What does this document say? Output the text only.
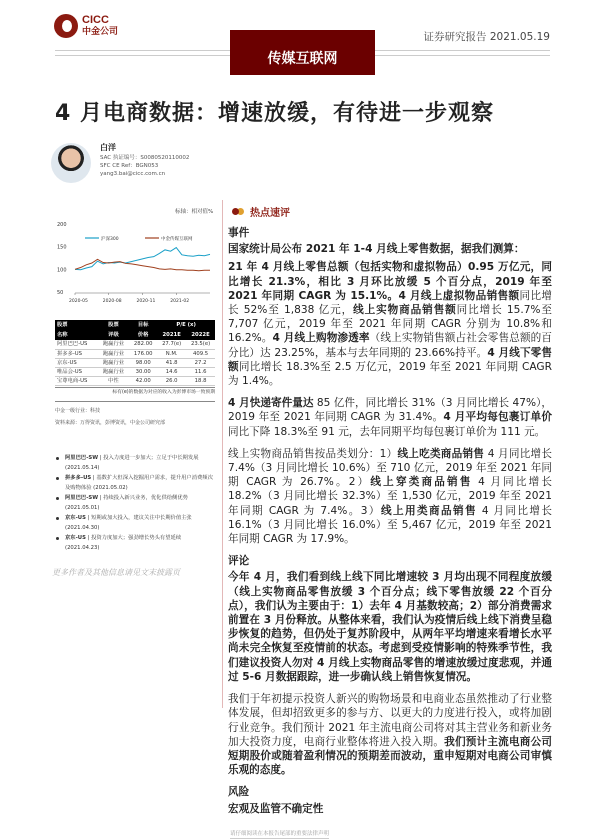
CICC
中金公司
传媒互联网
证券研究报告 2021.05.19
4 月电商数据：增速放缓，有待进一步观察
白洋
SAC 执证编号：S0080520110002
SFC CE Ref：BGN053
yang3.bai@cicc.com.cn
标轴：相对值%
200
150
100
50
2020-05	2020-08	2020-11	2021-02
沪深300	中金传媒互联网
股票	股票	目标	P/E (x)	
名称	评级	价格	2021E	2022E
阿里巴巴-US	跑赢行业	282.00	27.7(e)	23.5(e)
拼多多-US	跑赢行业	176.00	N.M.	409.5
京东-US	跑赢行业	98.00	41.8	27.2
唯品会-US	跑赢行业	30.00	14.6	11.6
宝尊电商-US	中性	42.00	26.0	18.8
标有(e)的数据为对应的收入为彭博市场一致预期
中金一级行业：科技
资料来源：万得资讯，彭博资讯，中金公司研究部
阿里巴巴-SW | 投入力度进一步加大；立足于中长期发展 (2021.05.14)
拼多多-US | 基数扩大但深入挖掘用户需求，提升用户消费频次及购物体验 (2021.05.02)
阿里巴巴-SW | 持续投入新兴业务，优化供给侧优势 (2021.05.01)
京东-US | 短期或加大投入，建议关注中长期价值主张 (2021.04.30)
京东-US | 投资力度加大；强劲增长势头有望延续 (2021.04.23)
更多作者及其他信息请见文末披露页
热点速评
事件

国家统计局公布 2021 年 1-4 月线上零售数据，据我们测算：

21 年 4 月线上零售总额（包括实物和虚拟物品）0.95 万亿元，同比增长 21.3%，相比 3 月环比放缓 5 个百分点，2019 年至 2021 年同期 CAGR 为 15.1%。4 月线上虚拟物品销售额同比增长 52%至 1,838 亿元，线上实物商品销售额同比增长 15.7%至 7,707 亿元，2019 年至 2021 年同期 CAGR 分别为 10.8%和 16.2%。4 月线上购物渗透率（线上实物销售额占社会零售总额的百分比）达 23.25%，基本与去年同期的 23.66%持平。4 月线下零售额同比增长 18.3%至 2.5 万亿元，2019 年至 2021 年同期 CAGR 为 1.4%。

4 月快递寄件量达 85 亿件，同比增长 31%（3 月同比增长 47%），2019 年至 2021 年同期 CAGR 为 31.4%。4 月平均每包裹订单价同比下降 18.3%至 91 元，去年同期平均每包裹订单价为 111 元。

线上实物商品销售按品类划分：1）线上吃类商品销售 4 月同比增长 7.4%（3 月同比增长 10.6%）至 710 亿元，2019 年至 2021 年同期 CAGR 为 26.7%。2）线上穿类商品销售 4 月同比增长 18.2%（3 月同比增长 32.3%）至 1,530 亿元，2019 年至 2021 年同期 CAGR 为 7.4%。3）线上用类商品销售 4 月同比增长 16.1%（3 月同比增长 16.0%）至 5,467 亿元，2019 年至 2021 年同期 CAGR 为 17.9%。

评论

今年 4 月，我们看到线上线下同比增速较 3 月均出现不同程度放缓（线上实物商品零售放缓 3 个百分点；线下零售放缓 22 个百分点），我们认为主要由于：1）去年 4 月基数较高；2）部分消费需求前置在 3 月份释放。从整体来看，我们认为疫情后线上线下消费呈稳步恢复的趋势，但仍处于复苏阶段中，从两年平均增速来看增长水平尚未完全恢复至疫情前的状态。考虑到受疫情影响的特殊季节性，我们建议投资人勿对 4 月线上实物商品零售的增速放缓过度悲观，并通过 5-6 月数据跟踪，进一步确认线上销售恢复情况。

我们于年初提示投资人新兴的购物场景和电商业态虽然推动了行业整体发展，但却招致更多的参与方、以更大的力度进行投入，或将加剧行业竞争。我们预计 2021 年主流电商公司将对其主营业务和新业务加大投资力度，电商行业整体将进入投入期。我们预计主流电商公司短期股价或随着盈利情况的预期差而波动，重申短期对电商公司审慎乐观的态度。

风险

宏观及监管不确定性

请仔细阅读在本报告尾部的重要法律声明
